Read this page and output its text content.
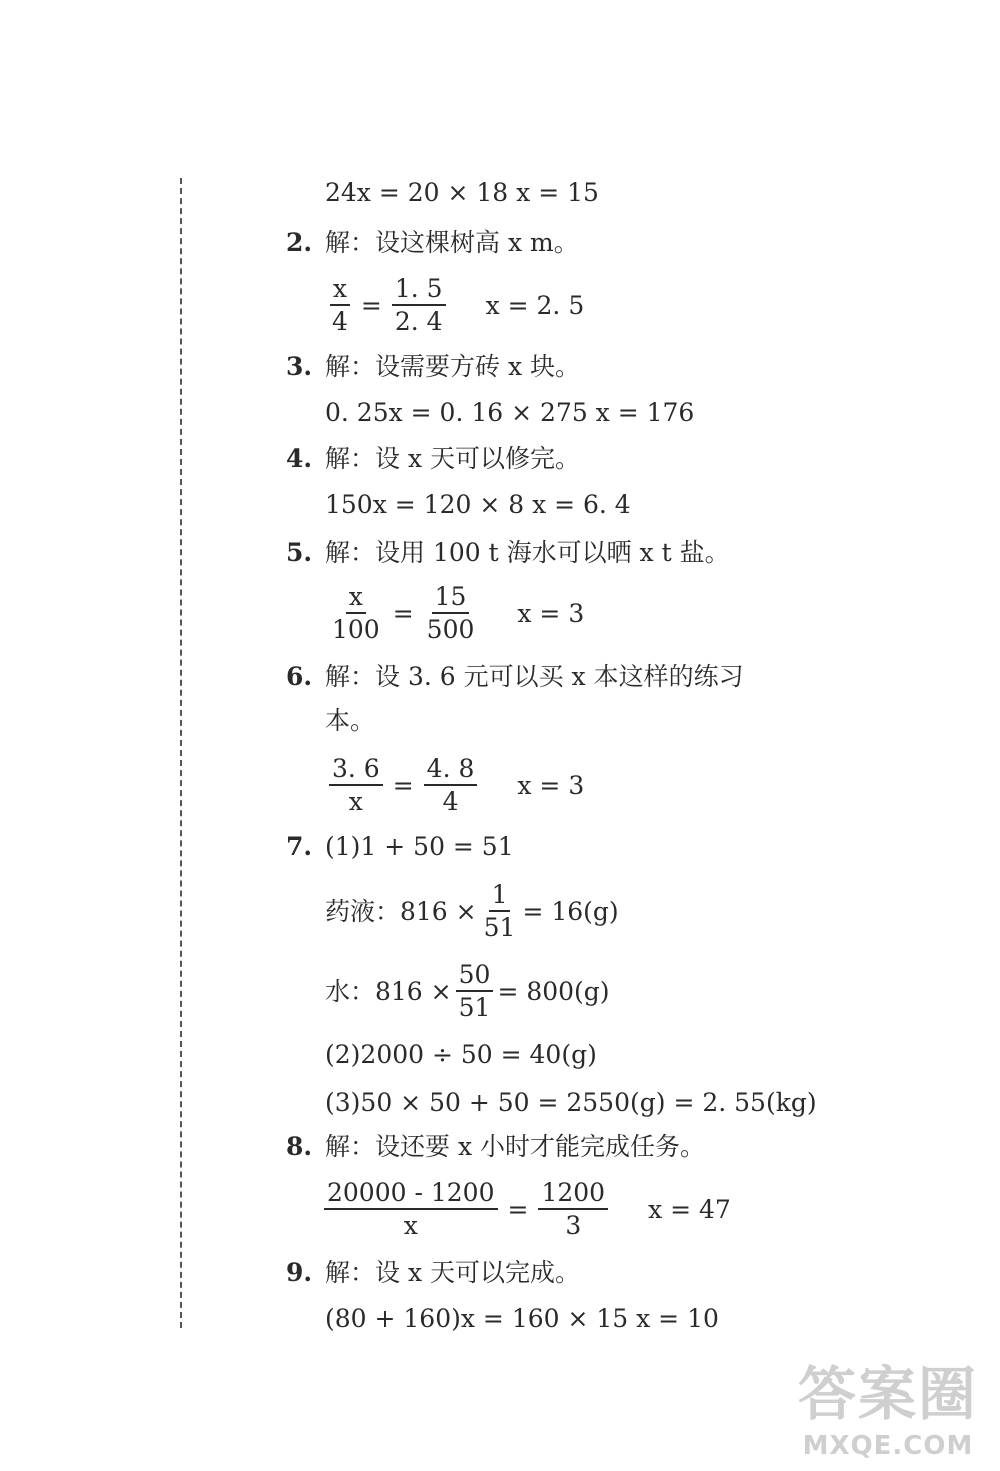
24x = 20 × 18 x = 15
2. 解：设这棵树高 x m。
$\frac{x}{4} = \frac{1. 5}{2. 4}$ x = 2. 5
3. 解：设需要方砖 x 块。
0. 25x = 0. 16 × 275 x = 176
4. 解：设 x 天可以修完。
150x = 120 × 8 x = 6. 4
5. 解：设用 100 t 海水可以晒 x t 盐。
$\frac{x}{100} = \frac{15}{500}$ x = 3
6. 解：设 3. 6 元可以买 x 本这样的练习
本。
$\frac{3. 6}{x} = \frac{4. 8}{4}$ x = 3
7. (1)1 + 50 = 51
药液：$816 \times \frac{1}{51} = 16(g)$
水：$816 \times \frac{50}{51} = 800(g)$
(2)2000 ÷ 50 = 40(g)
(3)50 × 50 + 50 = 2550(g) = 2. 55(kg)
8. 解：设还要 x 小时才能完成任务。
$\frac{20000 - 1200}{x} = \frac{1200}{3}$ x = 47
9. 解：设 x 天可以完成。
(80 + 160)x = 160 × 15 x = 10
答案圈
MXQE.COM
